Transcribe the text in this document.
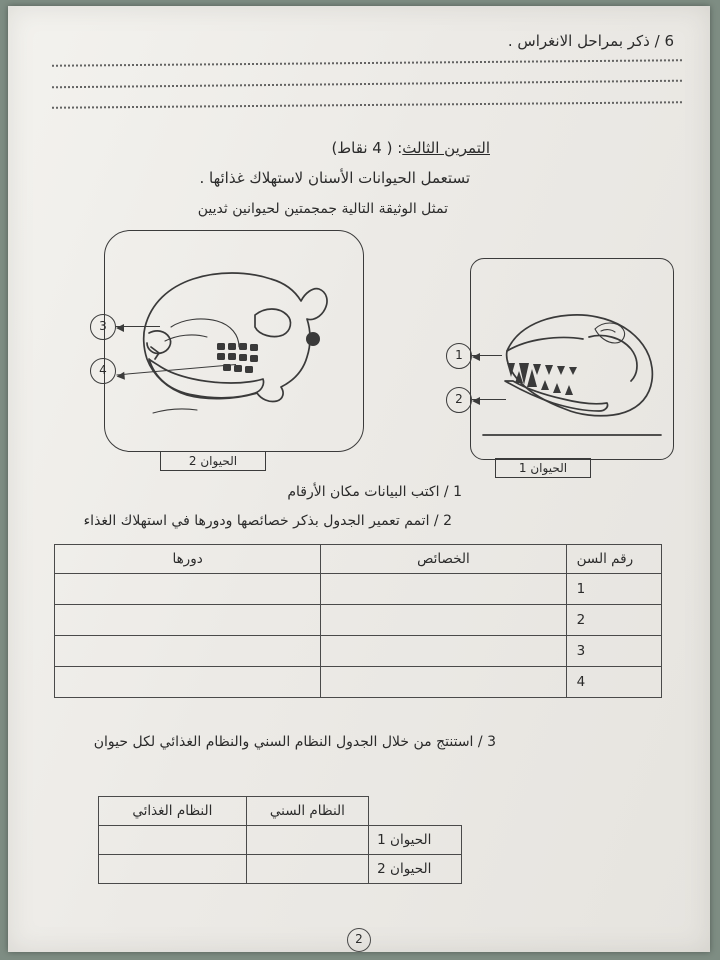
6 / ذكر بمراحل الانغراس .
التمرين الثالث: ( 4 نقاط)
تستعمل الحيوانات الأسنان لاستهلاك غذائها .
تمثل الوثيقة التالية جمجمتين لحيوانين ثديين
الحيوان 2
3
4
الحيوان 1
1
2
1 / اكتب البيانات مكان الأرقام
2 / اتمم تعمير الجدول بذكر خصائصها ودورها في استهلاك الغذاء
رقم السن	الخصائص	دورها
1		
2		
3		
4		
3 / استنتج من خلال الجدول النظام السني والنظام الغذائي لكل حيوان
	النظام السني	النظام الغذائي
الحيوان 1		
الحيوان 2		
2
